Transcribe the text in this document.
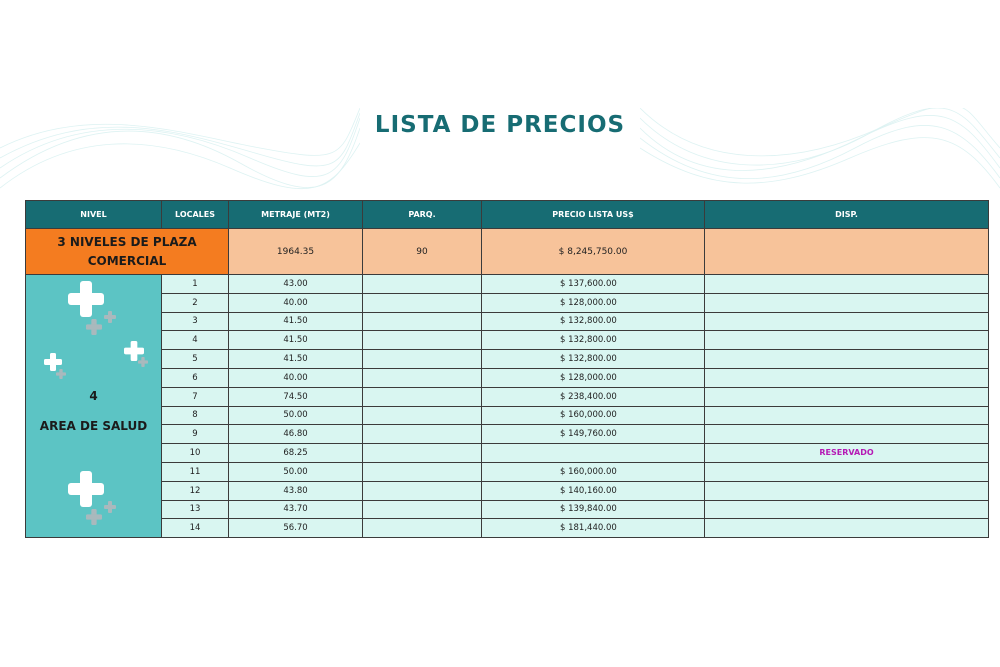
LISTA DE PRECIOS
NIVEL	LOCALES	METRAJE (MT2)	PARQ.	PRECIO LISTA US$	DISP.
3 NIVELES DE PLAZA COMERCIAL		1964.35	90	$ 8,245,750.00	

4
AREA DE SALUD	1	43.00		$ 137,600.00	
	2	40.00		$ 128,000.00	
	3	41.50		$ 132,800.00	
	4	41.50		$ 132,800.00	
	5	41.50		$ 132,800.00	
	6	40.00		$ 128,000.00	
	7	74.50		$ 238,400.00	
	8	50.00		$ 160,000.00	
	9	46.80		$ 149,760.00	
	10	68.25			RESERVADO
	11	50.00		$ 160,000.00	
	12	43.80		$ 140,160.00	
	13	43.70		$ 139,840.00	
	14	56.70		$ 181,440.00	
